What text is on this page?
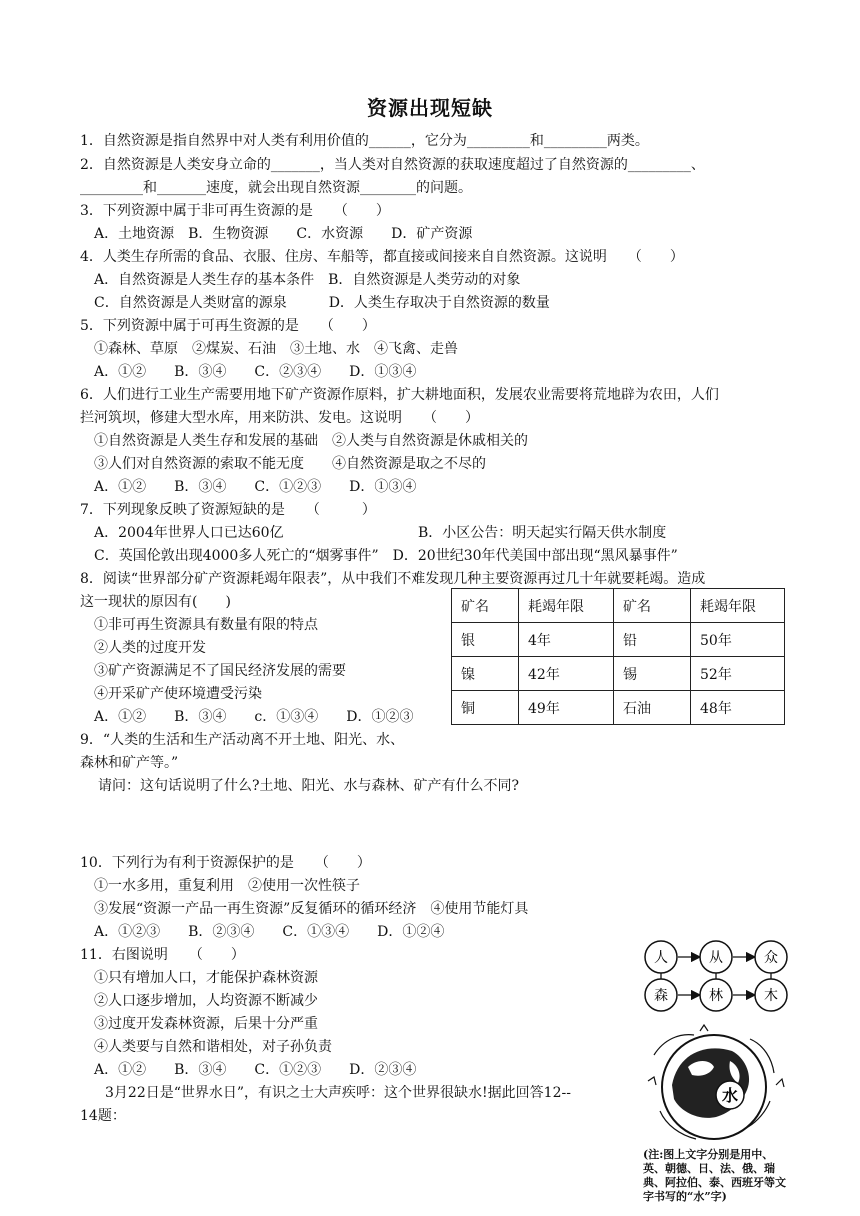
资源出现短缺
1．自然资源是指自然界中对人类有利用价值的______，它分为_________和_________两类。
2．自然资源是人类安身立命的_______，当人类对自然资源的获取速度超过了自然资源的_________、
_________和_______速度，就会出现自然资源________的问题。
3．下列资源中属于非可再生资源的是　　（　　）
A．土地资源　B．生物资源　　C．水资源　　D．矿产资源
4．人类生存所需的食品、衣服、住房、车船等，都直接或间接来自自然资源。这说明　　（　　）
A．自然资源是人类生存的基本条件　B．自然资源是人类劳动的对象
C．自然资源是人类财富的源泉　　　D．人类生存取决于自然资源的数量
5．下列资源中属于可再生资源的是　　（　　）
①森林、草原　②煤炭、石油　③土地、水　④飞禽、走兽
A．①②　　B．③④　　C．②③④　　D．①③④
6．人们进行工业生产需要用地下矿产资源作原料，扩大耕地面积，发展农业需要将荒地辟为农田，人们
拦河筑坝，修建大型水库，用来防洪、发电。这说明　　（　　）
①自然资源是人类生存和发展的基础　②人类与自然资源是休戚相关的
③人们对自然资源的索取不能无度　　④自然资源是取之不尽的
A．①②　　B．③④　　C．①②③　　D．①③④
7．下列现象反映了资源短缺的是　　（　　　）
A．2004年世界人口已达60亿	B．小区公告：明天起实行隔天供水制度
C．英国伦敦出现4000多人死亡的“烟雾事件”　D．20世纪30年代美国中部出现“黑风暴事件”
8．阅读“世界部分矿产资源耗竭年限表”，从中我们不难发现几种主要资源再过几十年就要耗竭。造成
这一现状的原因有(　　)
①非可再生资源具有数量有限的特点
②人类的过度开发
③矿产资源满足不了国民经济发展的需要
④开采矿产使环境遭受污染
A．①②　　B．③④　　c．①③④　　D．①②③
9．“人类的生活和生产活动离不开土地、阳光、水、
森林和矿产等。”
请问：这句话说明了什么?土地、阳光、水与森林、矿产有什么不同?
10．下列行为有利于资源保护的是　　（　　）
①一水多用，重复利用　②使用一次性筷子
③发展“资源一产品一再生资源”反复循环的循环经济　④使用节能灯具
A．①②③　　B．②③④　　C．①③④　　D．①②④
11．右图说明　　（　　）
①只有增加人口，才能保护森林资源
②人口逐步增加，人均资源不断减少
③过度开发森林资源，后果十分严重
④人类要与自然和谐相处，对子孙负责
A．①②　　B．③④　　C．①②③　　D．②③④
3月22日是“世界水日”，有识之士大声疾呼：这个世界很缺水!据此回答12--
14题：
矿名	耗竭年限	矿名	耗竭年限
银	4年	铅	50年
镍	42年	锡	52年
铜	49年	石油	48年
人	从	众
森	林	木
水
(注:图上文字分别是用中、英、朝德、日、法、俄、瑞典、阿拉伯、泰、西班牙等文字书写的“水”字)
